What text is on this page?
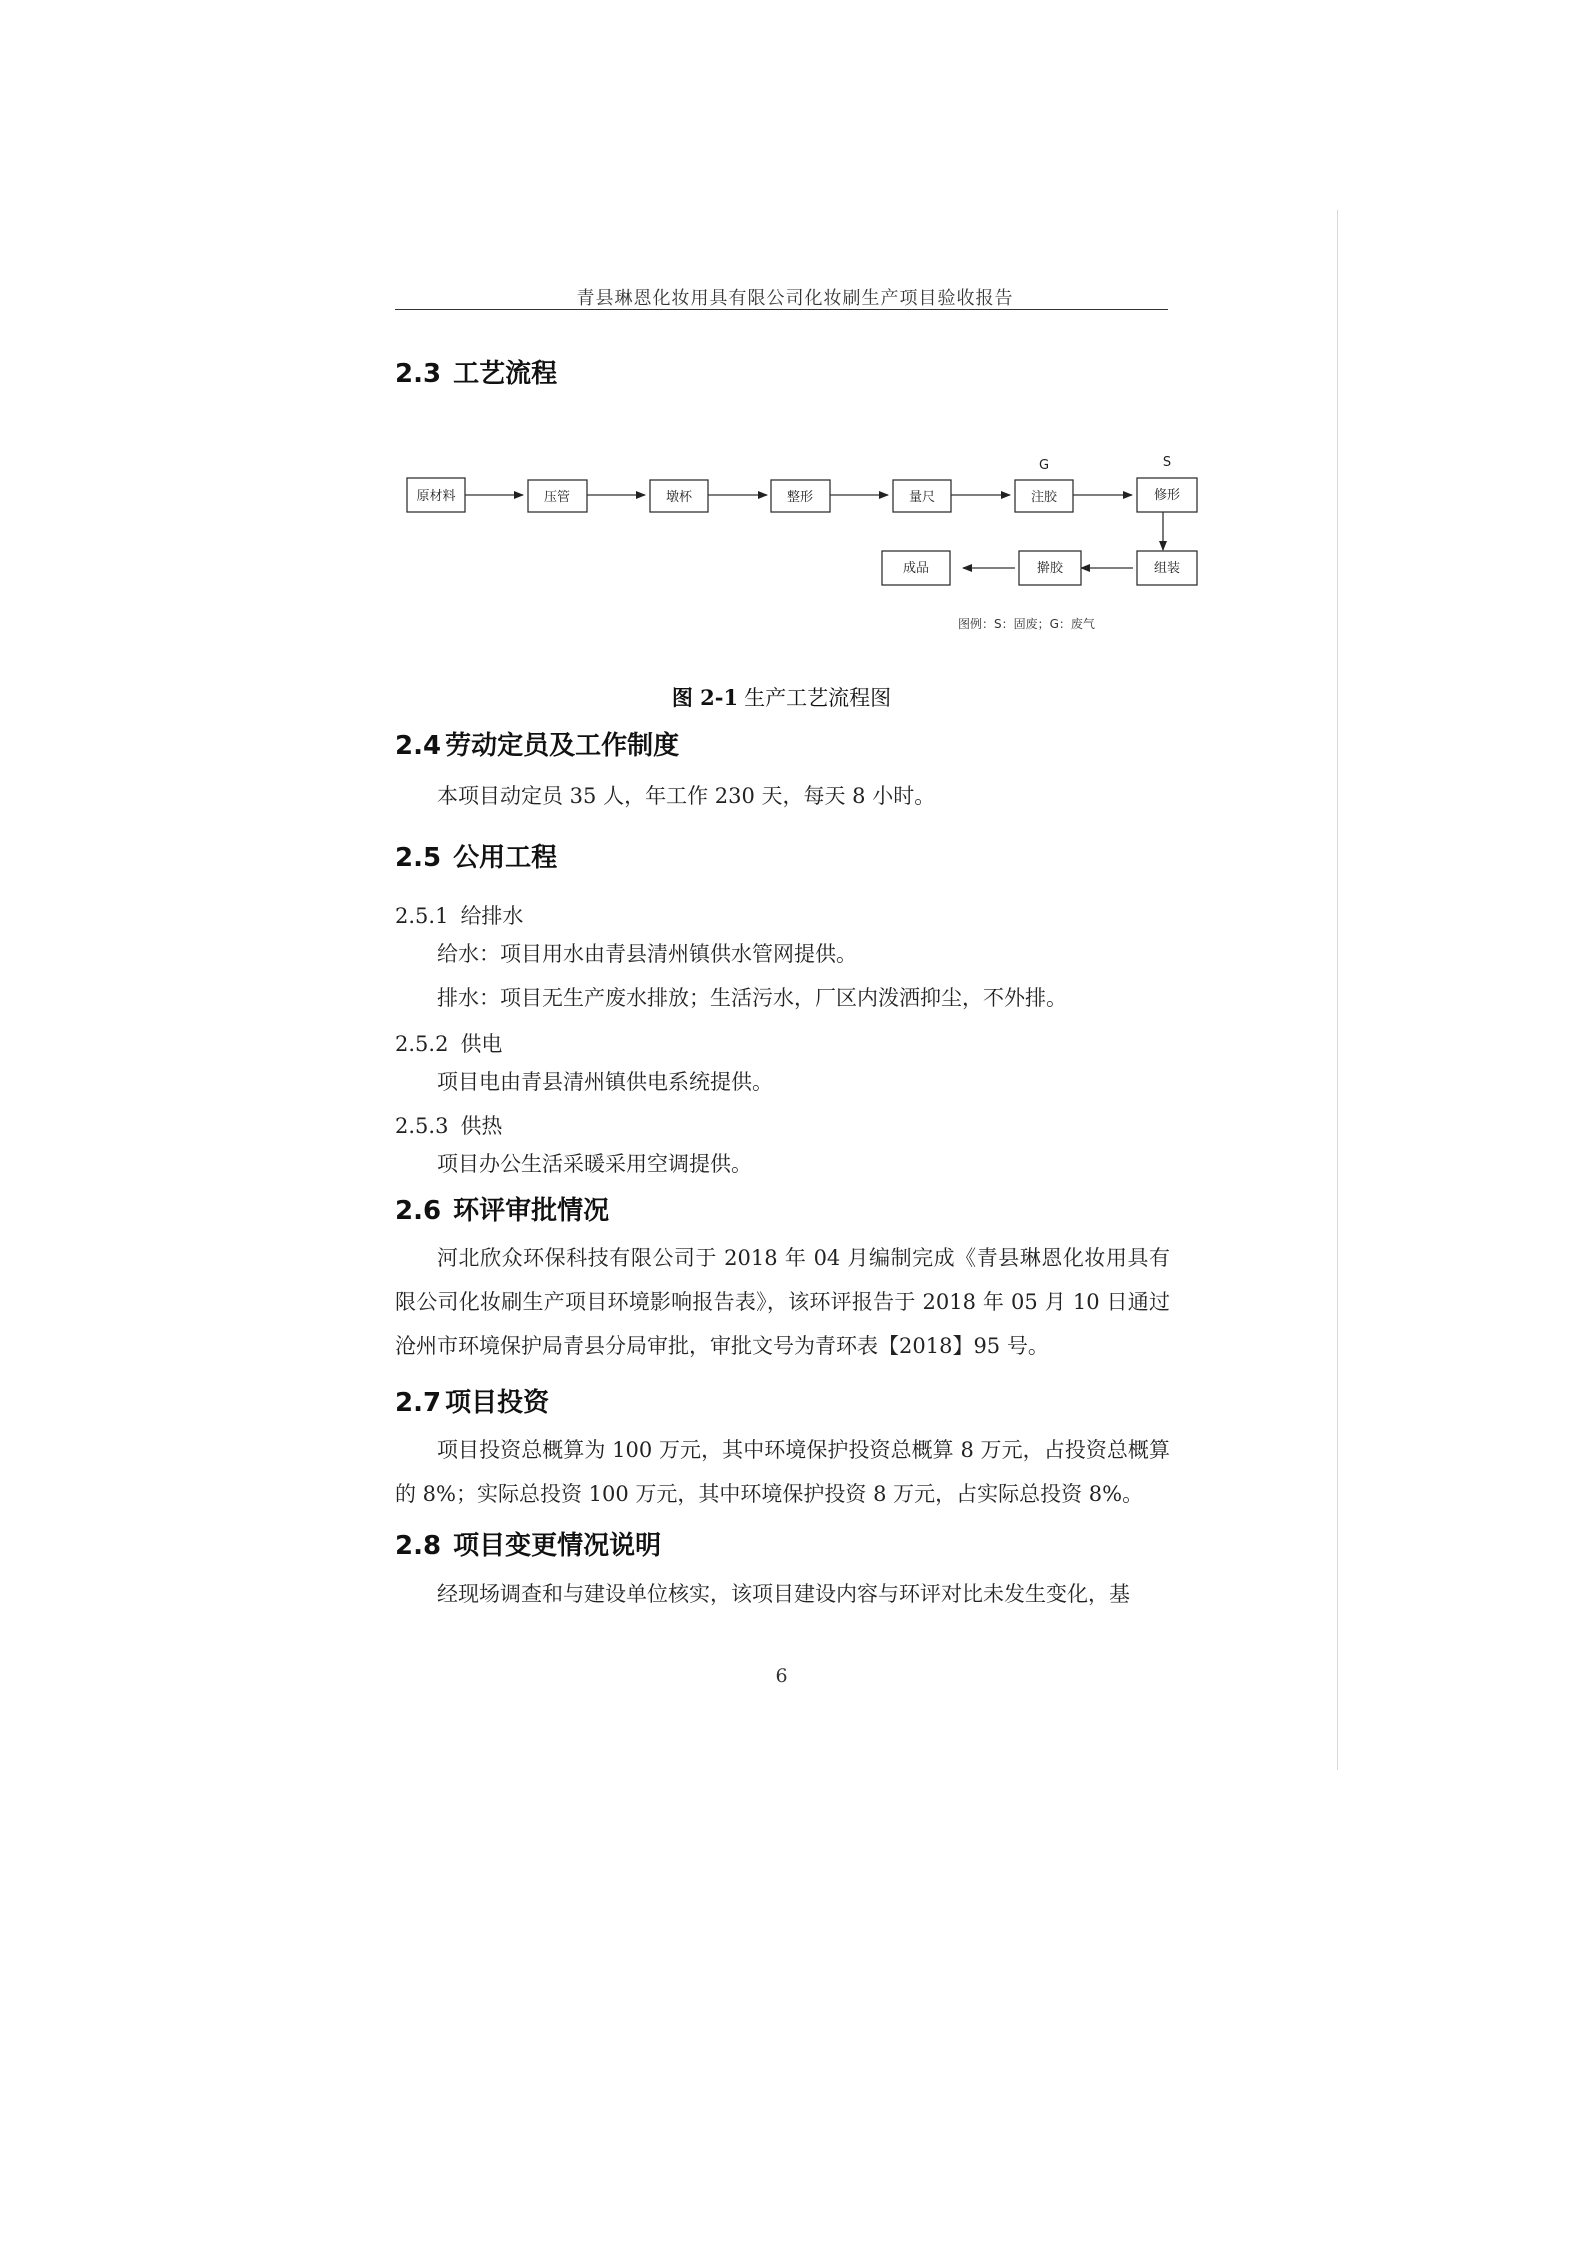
青县琳恩化妆用具有限公司化妆刷生产项目验收报告
2.3 工艺流程
原材料	压管	墩杯	整形	量尺	注胶	修形
组装
擀胶
成品
G	S
图例：S：固废；G：废气
图 2-1 生产工艺流程图
2.4 劳动定员及工作制度
本项目动定员 35 人，年工作 230 天，每天 8 小时。
2.5 公用工程
2.5.1 给排水
给水：项目用水由青县清州镇供水管网提供。
排水：项目无生产废水排放；生活污水，厂区内泼洒抑尘，不外排。
2.5.2 供电
项目电由青县清州镇供电系统提供。
2.5.3 供热
项目办公生活采暖采用空调提供。
2.6 环评审批情况
河北欣众环保科技有限公司于 2018 年 04 月编制完成《青县琳恩化妆用具有限公司化妆刷生产项目环境影响报告表》，该环评报告于 2018 年 05 月 10 日通过沧州市环境保护局青县分局审批，审批文号为青环表【2018】95 号。
2.7 项目投资
项目投资总概算为 100 万元，其中环境保护投资总概算 8 万元，占投资总概算的 8%；实际总投资 100 万元，其中环境保护投资 8 万元，占实际总投资 8%。
2.8 项目变更情况说明
经现场调查和与建设单位核实，该项目建设内容与环评对比未发生变化，基
6
